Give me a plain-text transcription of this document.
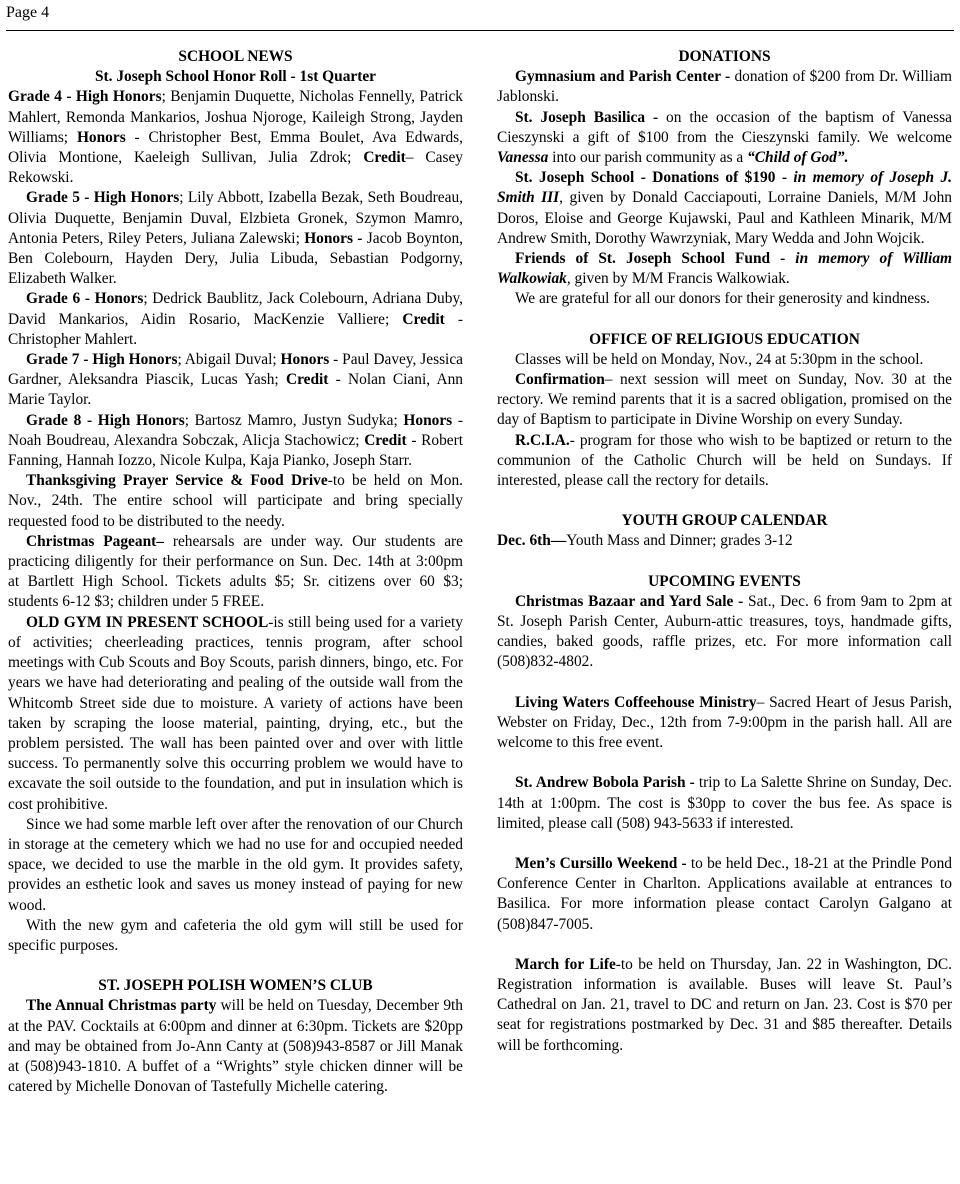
Page 4
SCHOOL NEWS
St. Joseph School Honor Roll - 1st Quarter

Grade 4 - High Honors; Benjamin Duquette, Nicholas Fennelly, Patrick Mahlert, Remonda Mankarios, Joshua Njoroge, Kaileigh Strong, Jayden Williams; Honors - Christopher Best, Emma Boulet, Ava Edwards, Olivia Montione, Kaeleigh Sullivan, Julia Zdrok; Credit– Casey Rekowski.

Grade 5 - High Honors; Lily Abbott, Izabella Bezak, Seth Boudreau, Olivia Duquette, Benjamin Duval, Elzbieta Gronek, Szymon Mamro, Antonia Peters, Riley Peters, Juliana Zalewski; Honors - Jacob Boynton, Ben Colebourn, Hayden Dery, Julia Libuda, Sebastian Podgorny, Elizabeth Walker.

Grade 6 - Honors; Dedrick Baublitz, Jack Colebourn, Adriana Duby, David Mankarios, Aidin Rosario, MacKenzie Valliere; Credit - Christopher Mahlert.

Grade 7 - High Honors; Abigail Duval; Honors - Paul Davey, Jessica Gardner, Aleksandra Piascik, Lucas Yash; Credit - Nolan Ciani, Ann Marie Taylor.

Grade 8 - High Honors; Bartosz Mamro, Justyn Sudyka; Honors - Noah Boudreau, Alexandra Sobczak, Alicja Stachowicz; Credit - Robert Fanning, Hannah Iozzo, Nicole Kulpa, Kaja Pianko, Joseph Starr.

Thanksgiving Prayer Service & Food Drive-to be held on Mon. Nov., 24th. The entire school will participate and bring specially requested food to be distributed to the needy.

Christmas Pageant– rehearsals are under way. Our students are practicing diligently for their performance on Sun. Dec. 14th at 3:00pm at Bartlett High School. Tickets adults $5; Sr. citizens over 60 $3; students 6-12 $3; children under 5 FREE.

OLD GYM IN PRESENT SCHOOL-is still being used for a variety of activities; cheerleading practices, tennis program, after school meetings with Cub Scouts and Boy Scouts, parish dinners, bingo, etc. For years we have had deteriorating and pealing of the outside wall from the Whitcomb Street side due to moisture. A variety of actions have been taken by scraping the loose material, painting, drying, etc., but the problem persisted. The wall has been painted over and over with little success. To permanently solve this occurring problem we would have to excavate the soil outside to the foundation, and put in insulation which is cost prohibitive.

Since we had some marble left over after the renovation of our Church in storage at the cemetery which we had no use for and occupied needed space, we decided to use the marble in the old gym. It provides safety, provides an esthetic look and saves us money instead of paying for new wood.

With the new gym and cafeteria the old gym will still be used for specific purposes.

ST. JOSEPH POLISH WOMEN’S CLUB

The Annual Christmas party will be held on Tuesday, December 9th at the PAV. Cocktails at 6:00pm and dinner at 6:30pm. Tickets are $20pp and may be obtained from Jo-Ann Canty at (508)943-8587 or Jill Manak at (508)943-1810. A buffet of a “Wrights” style chicken dinner will be catered by Michelle Donovan of Tastefully Michelle catering.

DONATIONS

Gymnasium and Parish Center - donation of $200 from Dr. William Jablonski.

St. Joseph Basilica - on the occasion of the baptism of Vanessa Cieszynski a gift of $100 from the Cieszynski family. We welcome Vanessa into our parish community as a “Child of God”.

St. Joseph School - Donations of $190 - in memory of Joseph J. Smith III, given by Donald Cacciapouti, Lorraine Daniels, M/M John Doros, Eloise and George Kujawski, Paul and Kathleen Minarik, M/M Andrew Smith, Dorothy Wawrzyniak, Mary Wedda and John Wojcik.

Friends of St. Joseph School Fund - in memory of William Walkowiak, given by M/M Francis Walkowiak.

We are grateful for all our donors for their generosity and kindness.

OFFICE OF RELIGIOUS EDUCATION

Classes will be held on Monday, Nov., 24 at 5:30pm in the school.

Confirmation– next session will meet on Sunday, Nov. 30 at the rectory. We remind parents that it is a sacred obligation, promised on the day of Baptism to participate in Divine Worship on every Sunday.

R.C.I.A.- program for those who wish to be baptized or return to the communion of the Catholic Church will be held on Sundays. If interested, please call the rectory for details.

YOUTH GROUP CALENDAR

Dec. 6th—Youth Mass and Dinner; grades 3-12

UPCOMING EVENTS

Christmas Bazaar and Yard Sale - Sat., Dec. 6 from 9am to 2pm at St. Joseph Parish Center, Auburn-attic treasures, toys, handmade gifts, candies, baked goods, raffle prizes, etc. For more information call (508)832-4802.

Living Waters Coffeehouse Ministry– Sacred Heart of Jesus Parish, Webster on Friday, Dec., 12th from 7-9:00pm in the parish hall. All are welcome to this free event.

St. Andrew Bobola Parish - trip to La Salette Shrine on Sunday, Dec. 14th at 1:00pm. The cost is $30pp to cover the bus fee. As space is limited, please call (508) 943-5633 if interested.

Men’s Cursillo Weekend - to be held Dec., 18-21 at the Prindle Pond Conference Center in Charlton. Applications available at entrances to Basilica. For more information please contact Carolyn Galgano at (508)847-7005.

March for Life-to be held on Thursday, Jan. 22 in Washington, DC. Registration information is available. Buses will leave St. Paul’s Cathedral on Jan. 21, travel to DC and return on Jan. 23. Cost is $70 per seat for registrations postmarked by Dec. 31 and $85 thereafter. Details will be forthcoming.
